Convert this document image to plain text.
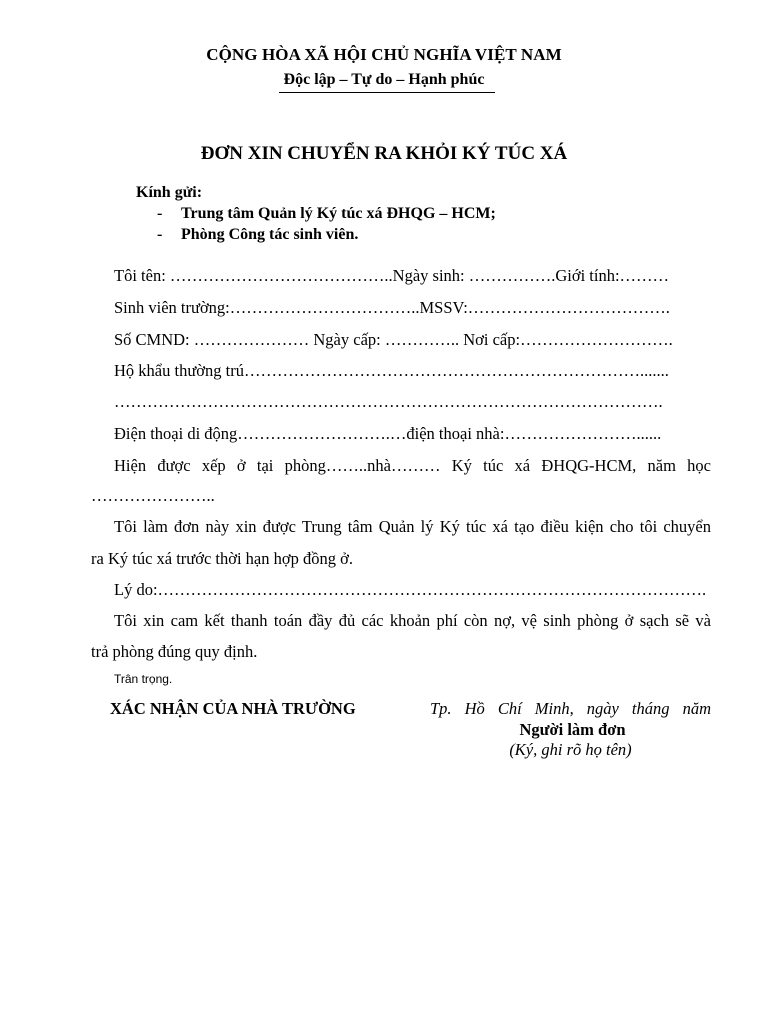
CỘNG HÒA XÃ HỘI CHỦ NGHĨA VIỆT NAM
Độc lập – Tự do – Hạnh phúc
ĐƠN XIN CHUYỂN RA KHỎI KÝ TÚC XÁ
Kính gửi:
- Trung tâm Quản lý Ký túc xá ĐHQG – HCM;
- Phòng Công tác sinh viên.
Tôi tên: …………………………………..Ngày sinh: …………….Giới tính:………
Sinh viên trường:……………………………..MSSV:……………………………….
Số CMND: ………………… Ngày cấp: ………….. Nơi cấp:……………………….
Hộ khẩu thường trú……………………………………………………………….......
……………………………………………………………………………………….
Điện thoại di động……………………….…điện thoại nhà:……………………......
Hiện được xếp ở tại phòng……..nhà……… Ký túc xá ĐHQG-HCM, năm học
…………………..
Tôi làm đơn này xin được Trung tâm Quản lý Ký túc xá tạo điều kiện cho tôi chuyển
ra Ký túc xá trước thời hạn hợp đồng ở.
Lý do:……………………………………………………………………………………….
Tôi xin cam kết thanh toán đầy đủ các khoản phí còn nợ, vệ sinh phòng ở sạch sẽ và
trả phòng đúng quy định.
Trân trọng.
XÁC NHẬN CỦA NHÀ TRƯỜNG	Tp. Hồ Chí Minh, ngày tháng năm
Người làm đơn
(Ký, ghi rõ họ tên)
